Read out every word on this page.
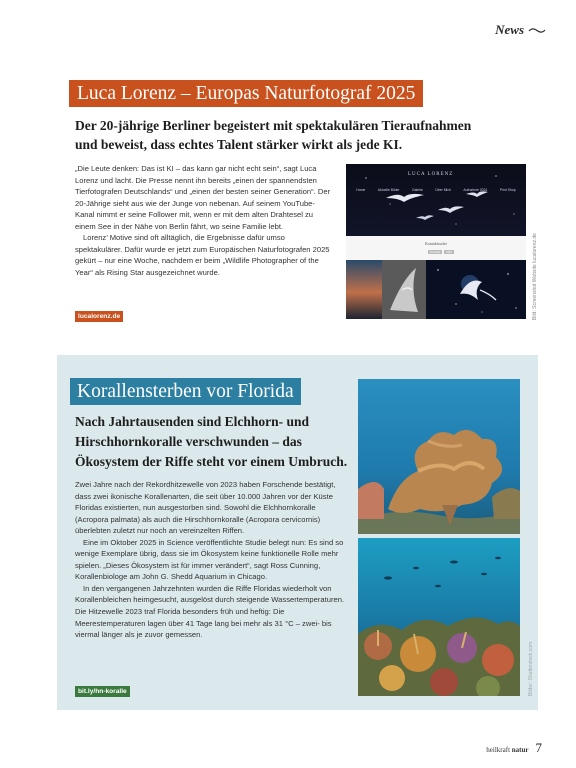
News
Luca Lorenz – Europas Naturfotograf 2025
Der 20-jährige Berliner begeistert mit spektakulären Tieraufnahmen und beweist, dass echtes Talent stärker wirkt als jede KI.

„Die Leute denken: Das ist KI – das kann gar nicht echt sein“, sagt Luca Lorenz und lacht. Die Presse nennt ihn bereits „einen der spannendsten Tierfotografen Deutschlands“ und „einen der besten seiner Generation“. Der 20-Jährige sieht aus wie der Junge von nebenan. Auf seinem YouTube-Kanal nimmt er seine Follower mit, wenn er mit dem alten Drahtesel zu einem See in der Nähe von Berlin fährt, wo seine Familie lebt.

Lorenz’ Motive sind oft alltäglich, die Ergebnisse dafür umso spektakulärer. Dafür wurde er jetzt zum Europäischen Naturfotografen 2025 gekürt – nur eine Woche, nachdem er beim „Wildlife Photographer of the Year“ als Rising Star ausgezeichnet wurde.

lucalorenz.de
LUCA LORENZ
Home	Aktuelle Bilder	Galerie	Über Mich	Aufnahme 2024	Print Shop
Kontaktsuche
Kontakt	Mail	Bild: Screenshot Website lucalorenz.de
Korallensterben vor Florida
Nach Jahrtausenden sind Elchhorn- und Hirschhornkoralle verschwunden – das Ökosystem der Riffe steht vor einem Umbruch.

Zwei Jahre nach der Rekordhitzewelle von 2023 haben Forschende bestätigt, dass zwei ikonische Korallenarten, die seit über 10.000 Jahren vor der Küste Floridas existierten, nun ausgestorben sind. Sowohl die Elchhornkoralle (Acropora palmata) als auch die Hirschhornkoralle (Acropora cervicornis) überlebten zuletzt nur noch an vereinzelten Riffen.

Eine im Oktober 2025 in Science veröffentlichte Studie belegt nun: Es sind so wenige Exemplare übrig, dass sie im Ökosystem keine funktionelle Rolle mehr spielen. „Dieses Ökosystem ist für immer verändert“, sagt Ross Cunning, Korallenbiologe am John G. Shedd Aquarium in Chicago.

In den vergangenen Jahrzehnten wurden die Riffe Floridas wiederholt von Korallenbleichen heimgesucht, ausgelöst durch steigende Wassertemperaturen. Die Hitzewelle 2023 traf Florida besonders früh und heftig: Die Meerestemperaturen lagen über 41 Tage lang bei mehr als 31 °C – zwei- bis viermal länger als je zuvor gemessen.

bit.ly/hn-koralle	Bilder: Shutterstock.com
heilkraft natur 7
